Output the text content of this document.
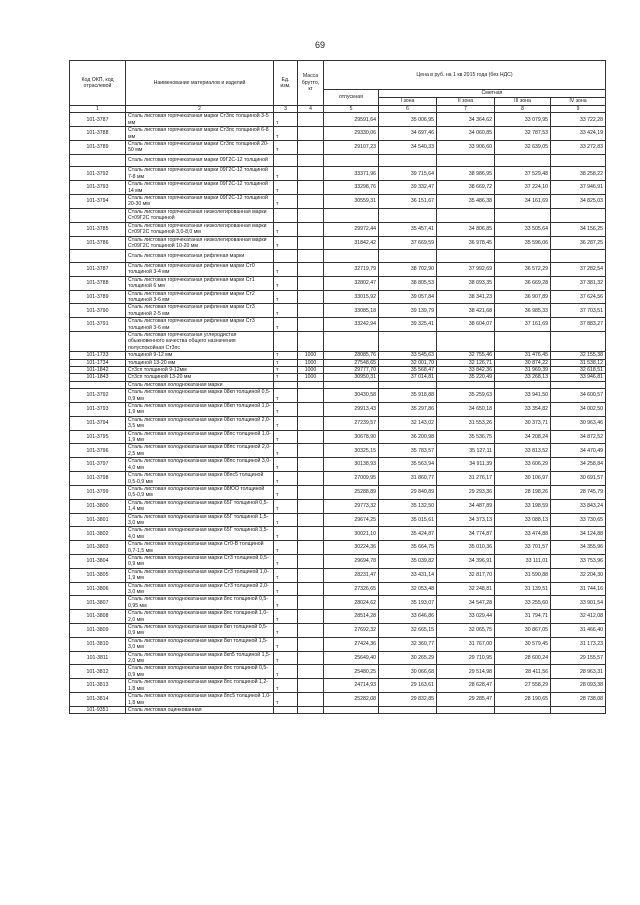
69
Код ОКП, код отраслевой	Наименование материалов и изделий	Ед. изм.	Масса брутто, кг	Цена в руб. на 1 кв 2015 года (без НДС)				
				отпускная	Сметная			
					I зона	II зона	III зона	IV зона
1	2	3	4	5	6	7	8	9
101-3787	Сталь листовая горячекатаная марки Ст3пс толщиной 3-5 мм	т		29591,64	35 006,95	34 364,62	33 079,95	33 722,28
101-3788	Сталь листовая горячекатаная марки Ст3пс толщиной 6-8 мм	т		29330,06	34 697,46	34 060,85	32 787,53	33 424,19
101-3789	Сталь листовая горячекатаная марки Ст3пс толщиной 20-50 мм	т		29107,23	34 540,33	33 906,60	32 639,05	33 272,83
	Сталь листовая горячекатаная марки 09Г2С-12 толщиной							
101-3792	Сталь листовая горячекатаная марки 09Г2С-12 толщиной 7-8 мм	т		33371,96	39 715,64	38 986,95	37 529,48	38 258,22
101-3793	Сталь листовая горячекатаная марки 09Г2С-12 толщиной 14 мм	т		33298,76	39 332,47	38 669,72	37 224,10	37 946,91
101-3794	Сталь листовая горячекатаная марки 09Г2С-12 толщиной 20-30 мм	т		30559,31	36 151,67	35 486,38	34 161,69	34 825,03
	Сталь листовая горячекатаная низколегированная марки Ст09Г2С толщиной							
101-3785	Сталь листовая горячекатаная низколегированная марки Ст09Г2С толщиной 3,0-8,0 мм	т		29972,44	35 457,41	34 806,85	33 505,64	34 156,25
101-3786	Сталь листовая горячекатаная низколегированная марки Ст09Г2С толщиной 10-20 мм	т		31842,42	37 669,59	36 978,45	35 596,06	36 287,25
	Сталь листовая горячекатаная рифленая марки							
101-3787	Сталь листовая горячекатаная рифленая марки Ст0 толщиной 3-4 мм	т		32719,79	38 702,90	37 992,69	36 572,29	37 282,54
101-3788	Сталь листовая горячекатаная рифленая марки Ст1 толщиной 6 мм	т		32802,47	38 805,53	38 093,35	36 669,28	37 381,32
101-3789	Сталь листовая горячекатаная рифленая марки Ст2 толщиной 3-6 мм	т		33015,92	39 057,84	38 341,23	36 907,89	37 624,56
101-3790	Сталь листовая горячекатаная рифленая марки Ст3 толщиной 2-5 мм	т		33085,18	39 139,79	38 421,68	36 985,33	37 703,51
101-3791	Сталь листовая горячекатаная рифленая марки Ст3 толщиной 3-6 мм	т		33242,94	39 325,41	38 604,07	37 161,69	37 883,27
	Сталь листовая горячекатаная углеродистая обыкновенного качества общего назначения полуспокойная Ст3пс							
101-1733	толщиной 9-12 мм	т	1000	28085,76	33 545,63	32 755,46	31 476,45	32 155,38
101-1734	толщиной 13-20 мм	т	1000	27548,65	32 001,70	32 126,71	30 874,22	31 538,12
101-1842	Ст3сп толщиной 9-12мм	т	1000	29777,70	35 568,47	33 842,36	31 969,39	32 618,51
101-1843	Ст3сп толщиной 13-20 мм	т	1000	30950,31	37 014,81	35 220,49	33 268,13	33 946,81
	Сталь листовая холоднокатаная марки							
101-3792	Сталь листовая холоднокатаная марки 08кп толщиной 0,5-0,9 мм	т		30430,58	35 918,88	35 259,63	33 941,50	34 600,57
101-3793	Сталь листовая холоднокатаная марки 08кп толщиной 1,0-1,9 мм	т		29913,43	35 297,86	34 650,18	33 354,82	34 002,50
101-3794	Сталь листовая холоднокатаная марки 08кп толщиной 2,0-3,5 мм	т		27239,57	32 143,02	31 553,26	30 373,71	30 963,46
101-3795	Сталь листовая холоднокатаная марки 08пс толщиной 1,0-1,9 мм	т		30678,90	36 200,98	35 536,75	34 208,24	34 872,52
101-3796	Сталь листовая холоднокатаная марки 08пс толщиной 2,0-2,5 мм	т		30325,15	35 783,57	35 127,11	33 813,52	34 470,49
101-3797	Сталь листовая холоднокатаная марки 08пс толщиной 3,0-4,0 мм	т		30138,93	35 563,94	34 911,39	33 606,29	34 258,84
101-3798	Сталь листовая холоднокатаная марки 08пс5 толщиной 0,5-0,9 мм	т		27009,95	31 860,77	31 276,17	30 106,97	30 691,57
101-3799	Сталь листовая холоднокатаная марки 08ЮО толщиной 0,5-0,9 мм	т		25288,89	29 840,89	29 293,36	28 198,26	28 745,79
101-3800	Сталь листовая холоднокатаная марки 65Г толщиной 0,5-1,4 мм	т		29773,32	35 132,50	34 487,89	33 198,59	33 843,24
101-3801	Сталь листовая холоднокатаная марки 65Г толщиной 1,5-3,0 мм	т		29674,25	35 015,61	34 373,13	33 088,13	33 730,65
101-3802	Сталь листовая холоднокатаная марки 65Г толщиной 3,5-4,0 мм	т		30021,10	35 424,87	34 774,87	33 474,88	34 124,88
101-3803	Сталь листовая холоднокатаная марки Ст0-В толщиной 0,7-1,5 мм	т		30224,36	35 664,75	35 010,36	33 701,57	34 355,96
101-3804	Сталь листовая холоднокатаная марки Ст3 толщиной 0,5-0,9 мм	т		29694,78	35 039,82	34 396,91	33 111,01	33 753,96
101-3805	Сталь листовая холоднокатаная марки Ст3 толщиной 1,0-1,9 мм	т		28231,47	33 431,14	32 817,70	31 590,88	32 204,30
101-3806	Сталь листовая холоднокатаная марки Ст3 толщиной 2,0-3,0 мм	т		27326,65	32 053,48	32 248,81	31 139,51	31 744,16
101-3807	Сталь листовая холоднокатаная марки 8пс толщиной 0,5-0,95 мм	т		28024,62	35 193,07	34 547,28	33 255,60	33 901,54
101-3808	Сталь листовая холоднокатаная марки 8пс толщиной 1,0-2,0 мм	т		28514,28	33 646,86	33 029,44	31 794,71	32 412,08
101-3809	Сталь листовая холоднокатаная марки 8кп толщиной 0,5-0,9 мм	т		27692,32	32 665,15	32 065,75	30 867,05	31 466,40
101-3810	Сталь листовая холоднокатаная марки 8кп толщиной 1,5-3,0 мм	т		27424,36	32 360,77	31 767,00	30 579,45	31 173,23
101-3811	Сталь листовая холоднокатаная марки 8кп5 толщиной 1,5-2,0 мм	т		25649,40	30 265,29	29 710,95	28 600,24	29 155,57
101-3812	Сталь листовая холоднокатаная марки 8пс толщиной 0,5-0,9 мм	т		25480,25	30 066,68	29 514,98	28 411,56	28 963,31
101-3813	Сталь листовая холоднокатаная марки 8пс толщиной 1,2-1,8 мм	т		24714,93	29 163,61	28 628,47	27 558,29	28 093,38
101-3814	Сталь листовая холоднокатаная марки 8пс5 толщиной 1,0-1,8 мм	т		25282,08	29 832,85	29 285,47	28 190,65	28 738,08
101-9351	Сталь листовая оцинкованная							
